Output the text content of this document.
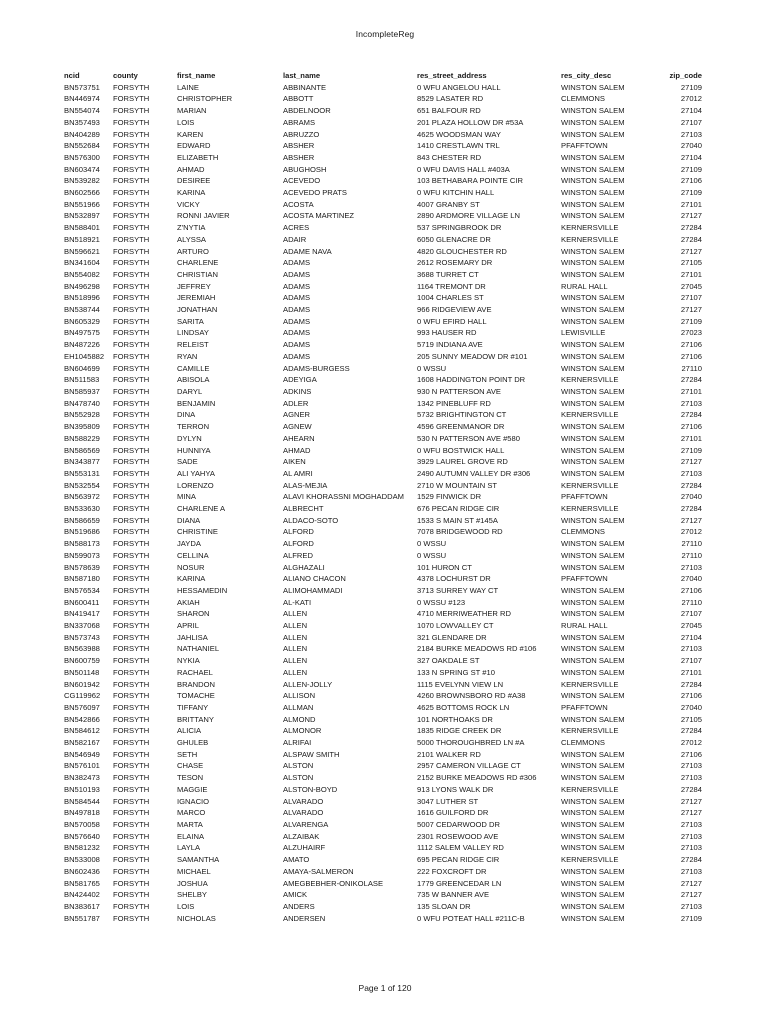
IncompleteReg
ncid	county	first_name	last_name	res_street_address	res_city_desc	zip_code
BN573751	FORSYTH	LAINE	ABBINANTE	0 WFU ANGELOU HALL	WINSTON SALEM	27109
BN446974	FORSYTH	CHRISTOPHER	ABBOTT	8529 LASATER RD	CLEMMONS	27012
BN554074	FORSYTH	MARIAN	ABDELNOOR	651 BALFOUR RD	WINSTON SALEM	27104
BN357493	FORSYTH	LOIS	ABRAMS	201 PLAZA HOLLOW DR #53A	WINSTON SALEM	27107
BN404289	FORSYTH	KAREN	ABRUZZO	4625 WOODSMAN WAY	WINSTON SALEM	27103
BN552684	FORSYTH	EDWARD	ABSHER	1410 CRESTLAWN TRL	PFAFFTOWN	27040
BN576300	FORSYTH	ELIZABETH	ABSHER	843 CHESTER RD	WINSTON SALEM	27104
BN603474	FORSYTH	AHMAD	ABUGHOSH	0 WFU DAVIS HALL #403A	WINSTON SALEM	27109
BN539282	FORSYTH	DESIREE	ACEVEDO	103 BETHABARA POINTE CIR	WINSTON SALEM	27106
BN602566	FORSYTH	KARINA	ACEVEDO PRATS	0 WFU KITCHIN HALL	WINSTON SALEM	27109
BN551966	FORSYTH	VICKY	ACOSTA	4007 GRANBY ST	WINSTON SALEM	27101
BN532897	FORSYTH	RONNI JAVIER	ACOSTA MARTINEZ	2890 ARDMORE VILLAGE LN	WINSTON SALEM	27127
BN588401	FORSYTH	Z'NYTIA	ACRES	537 SPRINGBROOK DR	KERNERSVILLE	27284
BN518921	FORSYTH	ALYSSA	ADAIR	6050 GLENACRE DR	KERNERSVILLE	27284
BN596621	FORSYTH	ARTURO	ADAME NAVA	4820 GLOUCHESTER RD	WINSTON SALEM	27127
BN341604	FORSYTH	CHARLENE	ADAMS	2612 ROSEMARY DR	WINSTON SALEM	27105
BN554082	FORSYTH	CHRISTIAN	ADAMS	3688 TURRET CT	WINSTON SALEM	27101
BN496298	FORSYTH	JEFFREY	ADAMS	1164 TREMONT DR	RURAL HALL	27045
BN518996	FORSYTH	JEREMIAH	ADAMS	1004 CHARLES ST	WINSTON SALEM	27107
BN538744	FORSYTH	JONATHAN	ADAMS	966 RIDGEVIEW AVE	WINSTON SALEM	27127
BN605329	FORSYTH	SARITA	ADAMS	0 WFU EFIRD HALL	WINSTON SALEM	27109
BN497575	FORSYTH	LINDSAY	ADAMS	993 HAUSER RD	LEWISVILLE	27023
BN487226	FORSYTH	RELEIST	ADAMS	5719 INDIANA AVE	WINSTON SALEM	27106
EH1045882	FORSYTH	RYAN	ADAMS	205 SUNNY MEADOW DR #101	WINSTON SALEM	27106
BN604699	FORSYTH	CAMILLE	ADAMS-BURGESS	0 WSSU	WINSTON SALEM	27110
BN511583	FORSYTH	ABISOLA	ADEYIGA	1608 HADDINGTON POINT DR	KERNERSVILLE	27284
BN585937	FORSYTH	DARYL	ADKINS	930 N PATTERSON AVE	WINSTON SALEM	27101
BN478740	FORSYTH	BENJAMIN	ADLER	1342 PINEBLUFF RD	WINSTON SALEM	27103
BN552928	FORSYTH	DINA	AGNER	5732 BRIGHTINGTON CT	KERNERSVILLE	27284
BN395809	FORSYTH	TERRON	AGNEW	4596 GREENMANOR DR	WINSTON SALEM	27106
BN588229	FORSYTH	DYLYN	AHEARN	530 N PATTERSON AVE #580	WINSTON SALEM	27101
BN586569	FORSYTH	HUNNIYA	AHMAD	0 WFU BOSTWICK HALL	WINSTON SALEM	27109
BN343877	FORSYTH	SADE	AIKEN	3929 LAUREL GROVE RD	WINSTON SALEM	27127
BN553131	FORSYTH	ALI YAHYA	AL AMRI	2490 AUTUMN VALLEY DR #306	WINSTON SALEM	27103
BN532554	FORSYTH	LORENZO	ALAS-MEJIA	2710 W MOUNTAIN ST	KERNERSVILLE	27284
BN563972	FORSYTH	MINA	ALAVI KHORASSNI MOGHADDAM	1529 FINWICK DR	PFAFFTOWN	27040
BN533630	FORSYTH	CHARLENE A	ALBRECHT	676 PECAN RIDGE CIR	KERNERSVILLE	27284
BN586659	FORSYTH	DIANA	ALDACO-SOTO	1533 S MAIN ST #145A	WINSTON SALEM	27127
BN519686	FORSYTH	CHRISTINE	ALFORD	7078 BRIDGEWOOD RD	CLEMMONS	27012
BN588173	FORSYTH	JAYDA	ALFORD	0 WSSU	WINSTON SALEM	27110
BN599073	FORSYTH	CELLINA	ALFRED	0 WSSU	WINSTON SALEM	27110
BN578639	FORSYTH	NOSUR	ALGHAZALI	101 HURON CT	WINSTON SALEM	27103
BN587180	FORSYTH	KARINA	ALIANO CHACON	4378 LOCHURST DR	PFAFFTOWN	27040
BN576534	FORSYTH	HESSAMEDIN	ALIMOHAMMADI	3713 SURREY WAY CT	WINSTON SALEM	27106
BN600411	FORSYTH	AKIAH	AL-KATI	0 WSSU #123	WINSTON SALEM	27110
BN419417	FORSYTH	SHARON	ALLEN	4710 MERRIWEATHER RD	WINSTON SALEM	27107
BN337068	FORSYTH	APRIL	ALLEN	1070 LOWVALLEY CT	RURAL HALL	27045
BN573743	FORSYTH	JAHLISA	ALLEN	321 GLENDARE DR	WINSTON SALEM	27104
BN563988	FORSYTH	NATHANIEL	ALLEN	2184 BURKE MEADOWS RD #106	WINSTON SALEM	27103
BN600759	FORSYTH	NYKIA	ALLEN	327 OAKDALE ST	WINSTON SALEM	27107
BN501148	FORSYTH	RACHAEL	ALLEN	133 N SPRING ST #10	WINSTON SALEM	27101
BN601942	FORSYTH	BRANDON	ALLEN-JOLLY	1115 EVELYNN VIEW LN	KERNERSVILLE	27284
CG119962	FORSYTH	TOMACHE	ALLISON	4260 BROWNSBORO RD #A38	WINSTON SALEM	27106
BN576097	FORSYTH	TIFFANY	ALLMAN	4625 BOTTOMS ROCK LN	PFAFFTOWN	27040
BN542866	FORSYTH	BRITTANY	ALMOND	101 NORTHOAKS DR	WINSTON SALEM	27105
BN584612	FORSYTH	ALICIA	ALMONOR	1835 RIDGE CREEK DR	KERNERSVILLE	27284
BN582167	FORSYTH	GHULEB	ALRIFAI	5000 THOROUGHBRED LN #A	CLEMMONS	27012
BN546949	FORSYTH	SETH	ALSPAW SMITH	2101 WALKER RD	WINSTON SALEM	27106
BN576101	FORSYTH	CHASE	ALSTON	2957 CAMERON VILLAGE CT	WINSTON SALEM	27103
BN382473	FORSYTH	TESON	ALSTON	2152 BURKE MEADOWS RD #306	WINSTON SALEM	27103
BN510193	FORSYTH	MAGGIE	ALSTON-BOYD	913 LYONS WALK DR	KERNERSVILLE	27284
BN584544	FORSYTH	IGNACIO	ALVARADO	3047 LUTHER ST	WINSTON SALEM	27127
BN497818	FORSYTH	MARCO	ALVARADO	1616 GUILFORD DR	WINSTON SALEM	27127
BN570058	FORSYTH	MARTA	ALVARENGA	5007 CEDARWOOD DR	WINSTON SALEM	27103
BN576640	FORSYTH	ELAINA	ALZAIBAK	2301 ROSEWOOD AVE	WINSTON SALEM	27103
BN581232	FORSYTH	LAYLA	ALZUHAIRF	1112 SALEM VALLEY RD	WINSTON SALEM	27103
BN533008	FORSYTH	SAMANTHA	AMATO	695 PECAN RIDGE CIR	KERNERSVILLE	27284
BN602436	FORSYTH	MICHAEL	AMAYA-SALMERON	222 FOXCROFT DR	WINSTON SALEM	27103
BN581765	FORSYTH	JOSHUA	AMEGBEBHER-ONIKOLASE	1779 GREENCEDAR LN	WINSTON SALEM	27127
BN424402	FORSYTH	SHELBY	AMICK	735 W BANNER AVE	WINSTON SALEM	27127
BN383617	FORSYTH	LOIS	ANDERS	135 SLOAN DR	WINSTON SALEM	27103
BN551787	FORSYTH	NICHOLAS	ANDERSEN	0 WFU POTEAT HALL #211C-B	WINSTON SALEM	27109
Page 1 of 120
